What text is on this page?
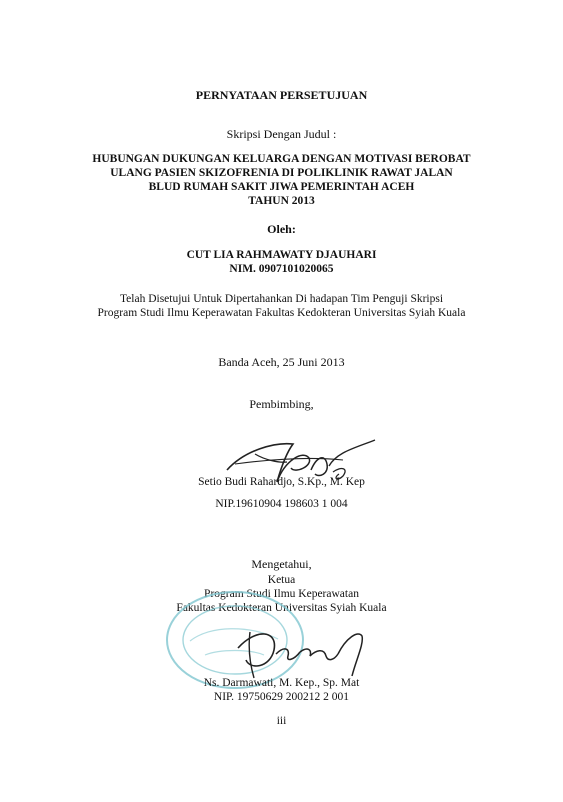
PERNYATAAN PERSETUJUAN
Skripsi Dengan Judul :
HUBUNGAN DUKUNGAN KELUARGA DENGAN MOTIVASI BEROBAT
ULANG PASIEN SKIZOFRENIA DI POLIKLINIK RAWAT JALAN
BLUD RUMAH SAKIT JIWA PEMERINTAH ACEH
TAHUN 2013
Oleh:
CUT LIA RAHMAWATY DJAUHARI
NIM. 0907101020065
Telah Disetujui Untuk Dipertahankan Di hadapan Tim Penguji Skripsi
Program Studi Ilmu Keperawatan Fakultas Kedokteran Universitas Syiah Kuala
Banda Aceh, 25 Juni 2013
Pembimbing,
Setio Budi Rahardjo, S.Kp., M. Kep
NIP.19610904 198603 1 004
Mengetahui,
Ketua
Program Studi Ilmu Keperawatan
Fakultas Kedokteran Universitas Syiah Kuala
Ns. Darmawati, M. Kep., Sp. Mat
NIP. 19750629 200212 2 001
iii
